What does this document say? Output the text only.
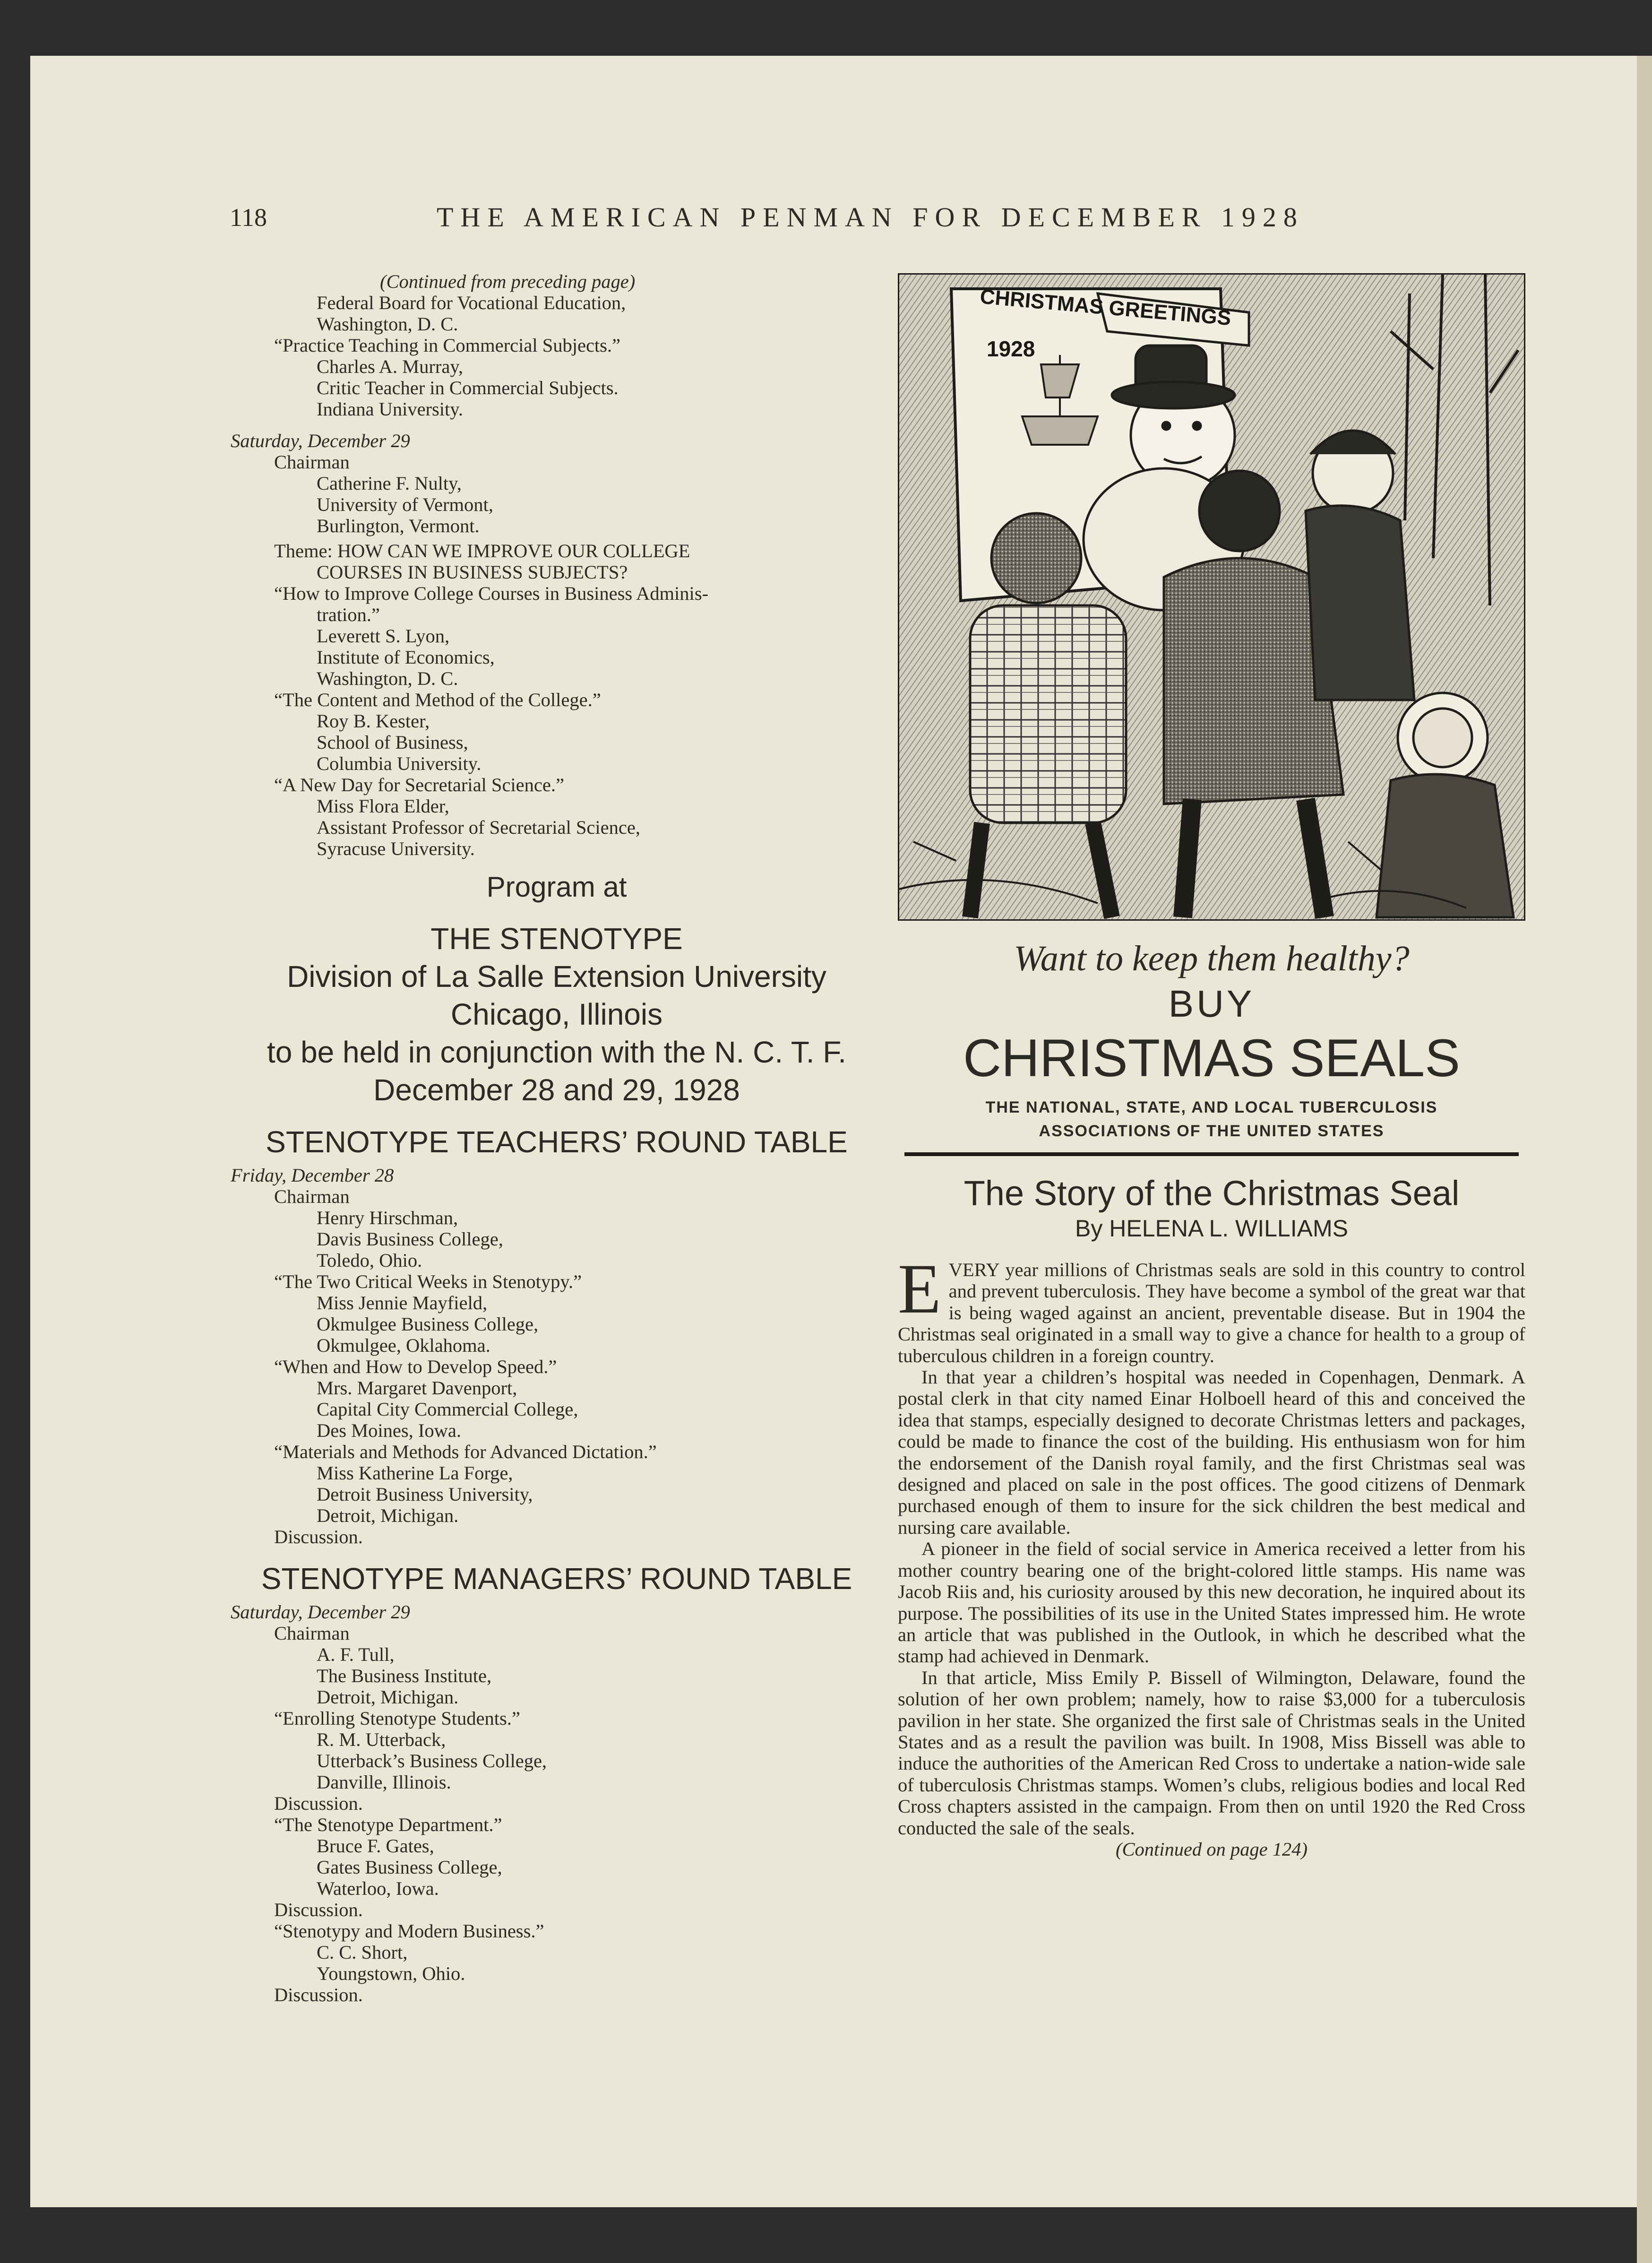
118	THE AMERICAN PENMAN FOR DECEMBER 1928
(Continued from preceding page)
Federal Board for Vocational Education,
Washington, D. C.
“Practice Teaching in Commercial Subjects.”
Charles A. Murray,
Critic Teacher in Commercial Subjects.
Indiana University.
Saturday, December 29
Chairman
Catherine F. Nulty,
University of Vermont,
Burlington, Vermont.
Theme: HOW CAN WE IMPROVE OUR COLLEGE
COURSES IN BUSINESS SUBJECTS?
“How to Improve College Courses in Business Adminis-
tration.”
Leverett S. Lyon,
Institute of Economics,
Washington, D. C.
“The Content and Method of the College.”
Roy B. Kester,
School of Business,
Columbia University.
“A New Day for Secretarial Science.”
Miss Flora Elder,
Assistant Professor of Secretarial Science,
Syracuse University.
Program at
THE STENOTYPE
Division of La Salle Extension University
Chicago, Illinois
to be held in conjunction with the N. C. T. F.
December 28 and 29, 1928
STENOTYPE TEACHERS’ ROUND TABLE
Friday, December 28
Chairman
Henry Hirschman,
Davis Business College,
Toledo, Ohio.
“The Two Critical Weeks in Stenotypy.”
Miss Jennie Mayfield,
Okmulgee Business College,
Okmulgee, Oklahoma.
“When and How to Develop Speed.”
Mrs. Margaret Davenport,
Capital City Commercial College,
Des Moines, Iowa.
“Materials and Methods for Advanced Dictation.”
Miss Katherine La Forge,
Detroit Business University,
Detroit, Michigan.
Discussion.
STENOTYPE MANAGERS’ ROUND TABLE
Saturday, December 29
Chairman
A. F. Tull,
The Business Institute,
Detroit, Michigan.
“Enrolling Stenotype Students.”
R. M. Utterback,
Utterback’s Business College,
Danville, Illinois.
Discussion.
“The Stenotype Department.”
Bruce F. Gates,
Gates Business College,
Waterloo, Iowa.
Discussion.
“Stenotypy and Modern Business.”
C. C. Short,
Youngstown, Ohio.
Discussion.
CHRISTMAS GREETINGS
1928
Want to keep them healthy?
BUY
CHRISTMAS SEALS
THE NATIONAL, STATE, AND LOCAL TUBERCULOSIS
ASSOCIATIONS OF THE UNITED STATES
The Story of the Christmas Seal
By HELENA L. WILLIAMS

EVERY year millions of Christmas seals are sold in this country to control and prevent tuberculosis. They have become a symbol of the great war that is being waged against an ancient, preventable disease. But in 1904 the Christmas seal originated in a small way to give a chance for health to a group of tuberculous children in a foreign country.

In that year a children’s hospital was needed in Copenhagen, Denmark. A postal clerk in that city named Einar Holboell heard of this and conceived the idea that stamps, especially designed to decorate Christmas letters and packages, could be made to finance the cost of the building. His enthusiasm won for him the endorsement of the Danish royal family, and the first Christmas seal was designed and placed on sale in the post offices. The good citizens of Denmark purchased enough of them to insure for the sick children the best medical and nursing care available.

A pioneer in the field of social service in America received a letter from his mother country bearing one of the bright-colored little stamps. His name was Jacob Riis and, his curiosity aroused by this new decoration, he inquired about its purpose. The possibilities of its use in the United States impressed him. He wrote an article that was published in the Outlook, in which he described what the stamp had achieved in Denmark.

In that article, Miss Emily P. Bissell of Wilmington, Delaware, found the solution of her own problem; namely, how to raise $3,000 for a tuberculosis pavilion in her state. She organized the first sale of Christmas seals in the United States and as a result the pavilion was built. In 1908, Miss Bissell was able to induce the authorities of the American Red Cross to undertake a nation-wide sale of tuberculosis Christmas stamps. Women’s clubs, religious bodies and local Red Cross chapters assisted in the campaign. From then on until 1920 the Red Cross conducted the sale of the seals.

(Continued on page 124)
